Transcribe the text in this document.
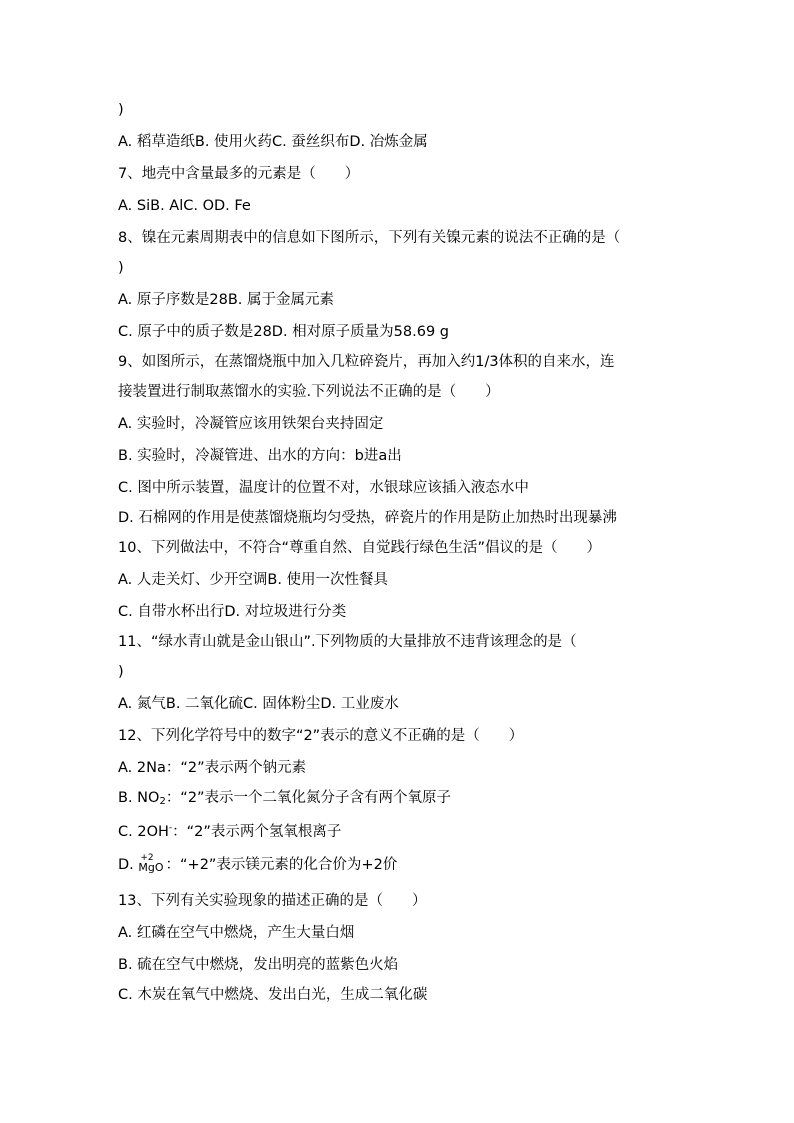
)
A. 稻草造纸B. 使用火药C. 蚕丝织布D. 冶炼金属
7、地壳中含量最多的元素是（　　）
A. SiB. AlC. OD. Fe
8、镍在元素周期表中的信息如下图所示，下列有关镍元素的说法不正确的是（
)
A. 原子序数是28B. 属于金属元素
C. 原子中的质子数是28D. 相对原子质量为58.69 g
9、如图所示，在蒸馏烧瓶中加入几粒碎瓷片，再加入约1/3体积的自来水，连
接装置进行制取蒸馏水的实验.下列说法不正确的是（　　）
A. 实验时，冷凝管应该用铁架台夹持固定
B. 实验时，冷凝管进、出水的方向：b进a出
C. 图中所示装置，温度计的位置不对，水银球应该插入液态水中
D. 石棉网的作用是使蒸馏烧瓶均匀受热，碎瓷片的作用是防止加热时出现暴沸
10、下列做法中，不符合“尊重自然、自觉践行绿色生活”倡议的是（　　）
A. 人走关灯、少开空调B. 使用一次性餐具
C. 自带水杯出行D. 对垃圾进行分类
11、“绿水青山就是金山银山”.下列物质的大量排放不违背该理念的是（
)
A. 氮气B. 二氧化硫C. 固体粉尘D. 工业废水
12、下列化学符号中的数字“2”表示的意义不正确的是（　　）
A. 2Na：“2”表示两个钠元素
B. $NO_2$：“2”表示一个二氧化氮分子含有两个氧原子
C. 2OH-：“2”表示两个氢氧根离子
D. +2
MgO ：“+2”表示镁元素的化合价为+2价
13、下列有关实验现象的描述正确的是（　　）
A. 红磷在空气中燃烧，产生大量白烟
B. 硫在空气中燃烧，发出明亮的蓝紫色火焰
C. 木炭在氧气中燃烧、发出白光，生成二氧化碳
